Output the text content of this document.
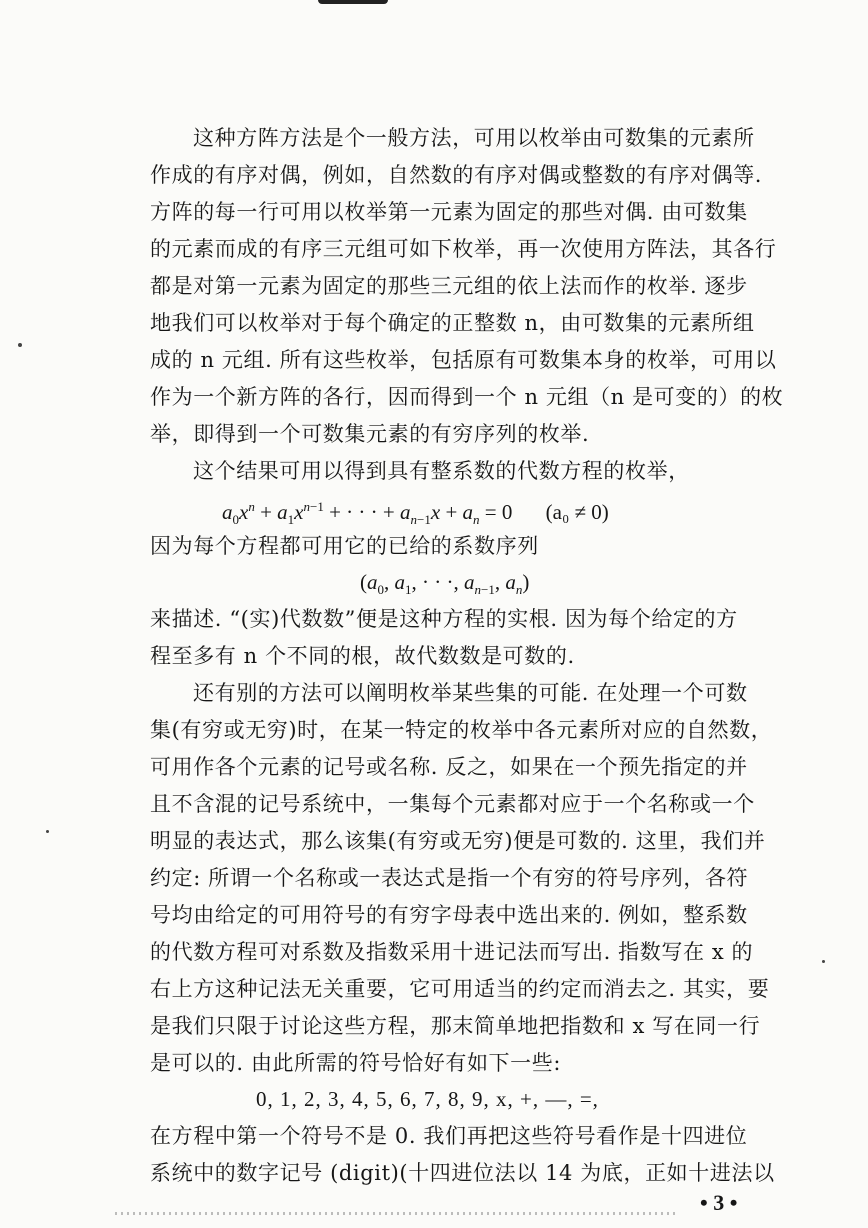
这种方阵方法是个一般方法，可用以枚举由可数集的元素所
作成的有序对偶，例如，自然数的有序对偶或整数的有序对偶等.
方阵的每一行可用以枚举第一元素为固定的那些对偶. 由可数集
的元素而成的有序三元组可如下枚举，再一次使用方阵法，其各行
都是对第一元素为固定的那些三元组的依上法而作的枚举. 逐步
地我们可以枚举对于每个确定的正整数 n，由可数集的元素所组
成的 n 元组. 所有这些枚举，包括原有可数集本身的枚举，可用以
作为一个新方阵的各行，因而得到一个 n 元组（n 是可变的）的枚
举，即得到一个可数集元素的有穷序列的枚举.
这个结果可用以得到具有整系数的代数方程的枚举，
$a_0x^n + a_1x^{n-1}$ + · · · + $a_{n-1}x + a_n = 0$ (a₀ ≠ 0)
因为每个方程都可用它的已给的系数序列
($a_0$, $a_1$, · · ·, $a_{n-1}$, $a_n$)
来描述. “(实)代数数”便是这种方程的实根. 因为每个给定的方
程至多有 n 个不同的根，故代数数是可数的.
还有别的方法可以阐明枚举某些集的可能. 在处理一个可数
集(有穷或无穷)时，在某一特定的枚举中各元素所对应的自然数，
可用作各个元素的记号或名称. 反之，如果在一个预先指定的并
且不含混的记号系统中，一集每个元素都对应于一个名称或一个
明显的表达式，那么该集(有穷或无穷)便是可数的. 这里，我们并
约定: 所谓一个名称或一表达式是指一个有穷的符号序列，各符
号均由给定的可用符号的有穷字母表中选出来的. 例如，整系数
的代数方程可对系数及指数采用十进记法而写出. 指数写在 x 的
右上方这种记法无关重要，它可用适当的约定而消去之. 其实，要
是我们只限于讨论这些方程，那末简单地把指数和 x 写在同一行
是可以的. 由此所需的符号恰好有如下一些:
0, 1, 2, 3, 4, 5, 6, 7, 8, 9, x, +, —, =,
在方程中第一个符号不是 0. 我们再把这些符号看作是十四进位
系统中的数字记号 (digit)(十四进位法以 14 为底，正如十进法以
• 3 •
